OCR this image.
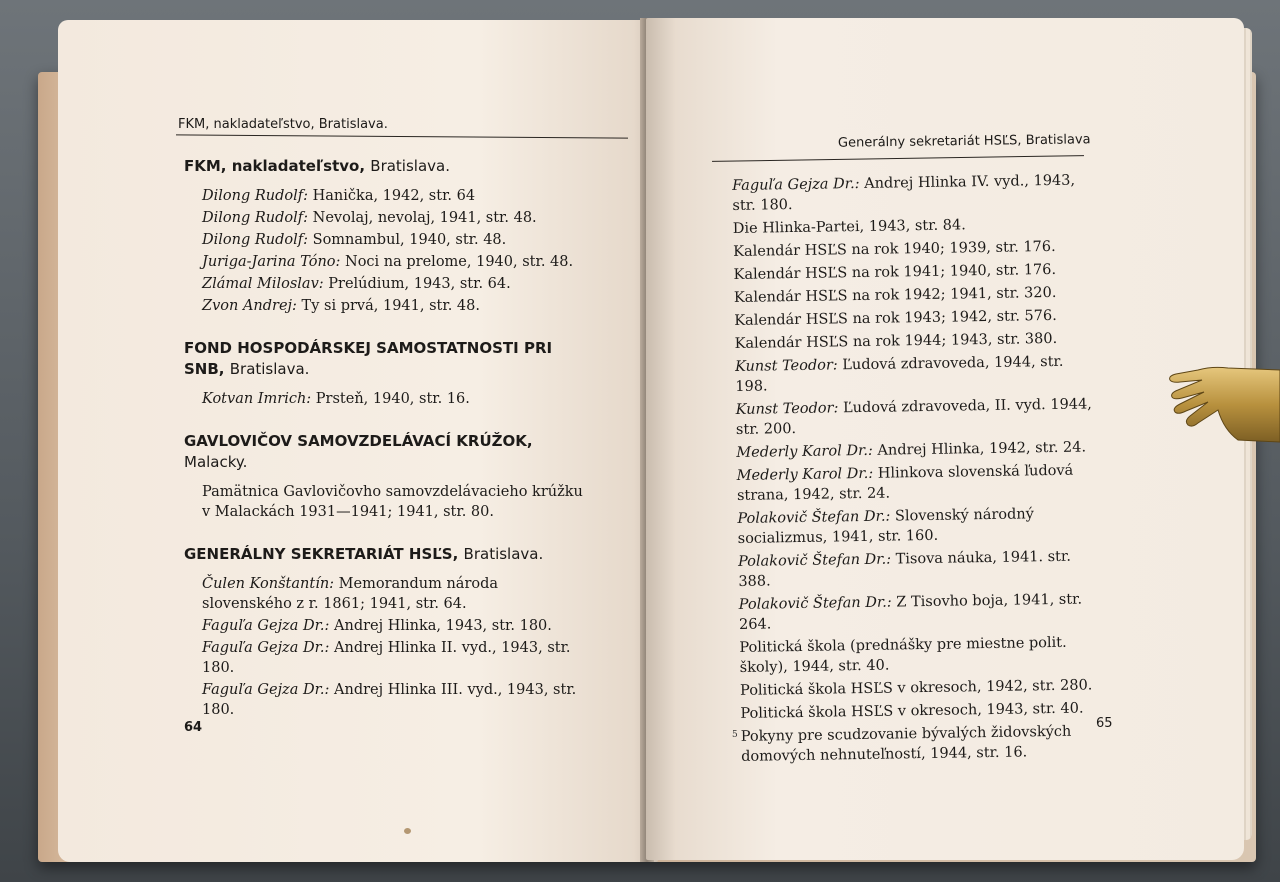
FKM, nakladateľstvo, Bratislava.

FKM, nakladateľstvo, Bratislava.

Dilong Rudolf: Hanička, 1942, str. 64

Dilong Rudolf: Nevolaj, nevolaj, 1941, str. 48.

Dilong Rudolf: Somnambul, 1940, str. 48.

Juriga-Jarina Tóno: Noci na prelome, 1940, str. 48.

Zlámal Miloslav: Prelúdium, 1943, str. 64.

Zvon Andrej: Ty si prvá, 1941, str. 48.

FOND HOSPODÁRSKEJ SAMOSTATNOSTI PRI SNB, Bratislava.

Kotvan Imrich: Prsteň, 1940, str. 16.

GAVLOVIČOV SAMOVZDELÁVACÍ KRÚŽOK, Malacky.

Pamätnica Gavlovičovho samovzdelávacieho krúžku v Malackách 1931—1941; 1941, str. 80.

GENERÁLNY SEKRETARIÁT HSĽS, Bratislava.

Čulen Konštantín: Memorandum národa slovenského z r. 1861; 1941, str. 64.

Faguľa Gejza Dr.: Andrej Hlinka, 1943, str. 180.

Faguľa Gejza Dr.: Andrej Hlinka II. vyd., 1943, str. 180.

Faguľa Gejza Dr.: Andrej Hlinka III. vyd., 1943, str. 180.

64
Generálny sekretariát HSĽS, Bratislava

Faguľa Gejza Dr.: Andrej Hlinka IV. vyd., 1943, str. 180.

Die Hlinka-Partei, 1943, str. 84.

Kalendár HSĽS na rok 1940; 1939, str. 176.

Kalendár HSĽS na rok 1941; 1940, str. 176.

Kalendár HSĽS na rok 1942; 1941, str. 320.

Kalendár HSĽS na rok 1943; 1942, str. 576.

Kalendár HSĽS na rok 1944; 1943, str. 380.

Kunst Teodor: Ľudová zdravoveda, 1944, str. 198.

Kunst Teodor: Ľudová zdravoveda, II. vyd. 1944, str. 200.

Mederly Karol Dr.: Andrej Hlinka, 1942, str. 24.

Mederly Karol Dr.: Hlinkova slovenská ľudová strana, 1942, str. 24.

Polakovič Štefan Dr.: Slovenský národný socializmus, 1941, str. 160.

Polakovič Štefan Dr.: Tisova náuka, 1941. str. 388.

Polakovič Štefan Dr.: Z Tisovho boja, 1941, str. 264.

Politická škola (prednášky pre miestne polit. školy), 1944, str. 40.

Politická škola HSĽS v okresoch, 1942, str. 280.

Politická škola HSĽS v okresoch, 1943, str. 40.

Pokyny pre scudzovanie bývalých židovských domových nehnuteľností, 1944, str. 16.

5
65
